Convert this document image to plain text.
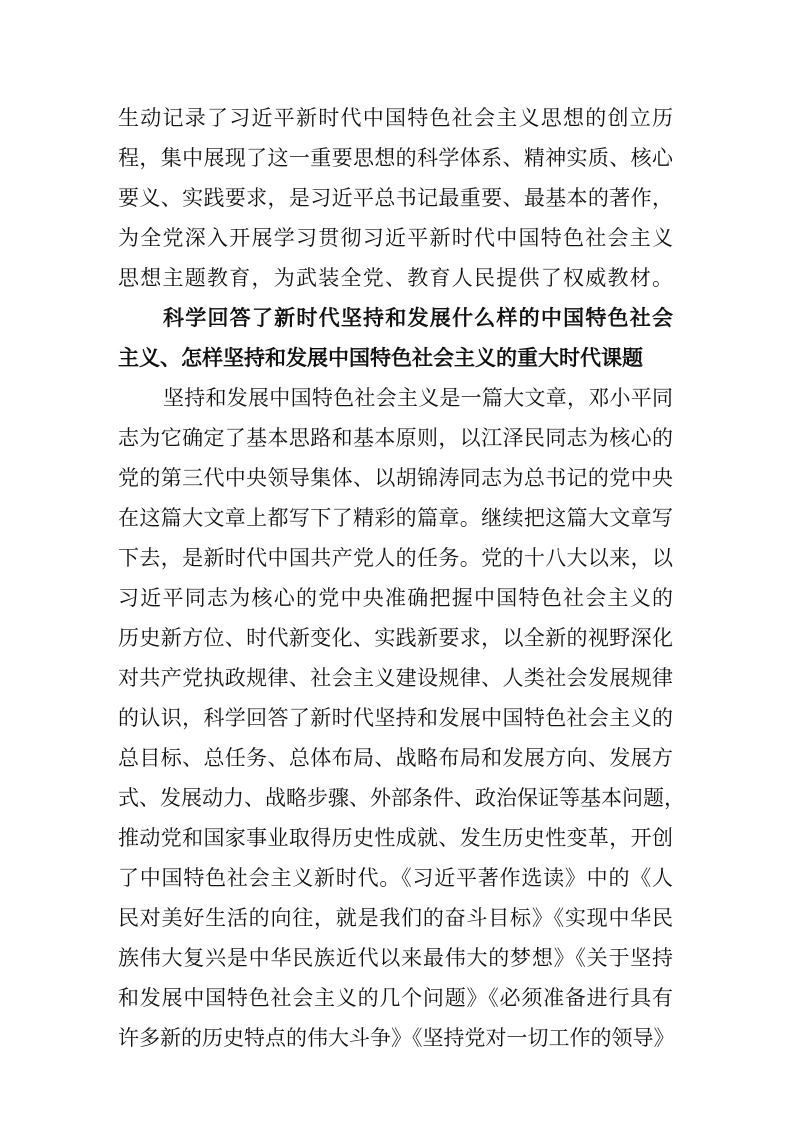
生动记录了习近平新时代中国特色社会主义思想的创立历
程，集中展现了这一重要思想的科学体系、精神实质、核心
要义、实践要求，是习近平总书记最重要、最基本的著作，
为全党深入开展学习贯彻习近平新时代中国特色社会主义
思想主题教育，为武装全党、教育人民提供了权威教材。
科学回答了新时代坚持和发展什么样的中国特色社会
主义、怎样坚持和发展中国特色社会主义的重大时代课题
坚持和发展中国特色社会主义是一篇大文章，邓小平同
志为它确定了基本思路和基本原则，以江泽民同志为核心的
党的第三代中央领导集体、以胡锦涛同志为总书记的党中央
在这篇大文章上都写下了精彩的篇章。继续把这篇大文章写
下去，是新时代中国共产党人的任务。党的十八大以来，以
习近平同志为核心的党中央准确把握中国特色社会主义的
历史新方位、时代新变化、实践新要求，以全新的视野深化
对共产党执政规律、社会主义建设规律、人类社会发展规律
的认识，科学回答了新时代坚持和发展中国特色社会主义的
总目标、总任务、总体布局、战略布局和发展方向、发展方
式、发展动力、战略步骤、外部条件、政治保证等基本问题，
推动党和国家事业取得历史性成就、发生历史性变革，开创
了中国特色社会主义新时代。《习近平著作选读》中的《人
民对美好生活的向往，就是我们的奋斗目标》《实现中华民
族伟大复兴是中华民族近代以来最伟大的梦想》《关于坚持
和发展中国特色社会主义的几个问题》《必须准备进行具有
许多新的历史特点的伟大斗争》《坚持党对一切工作的领导》
